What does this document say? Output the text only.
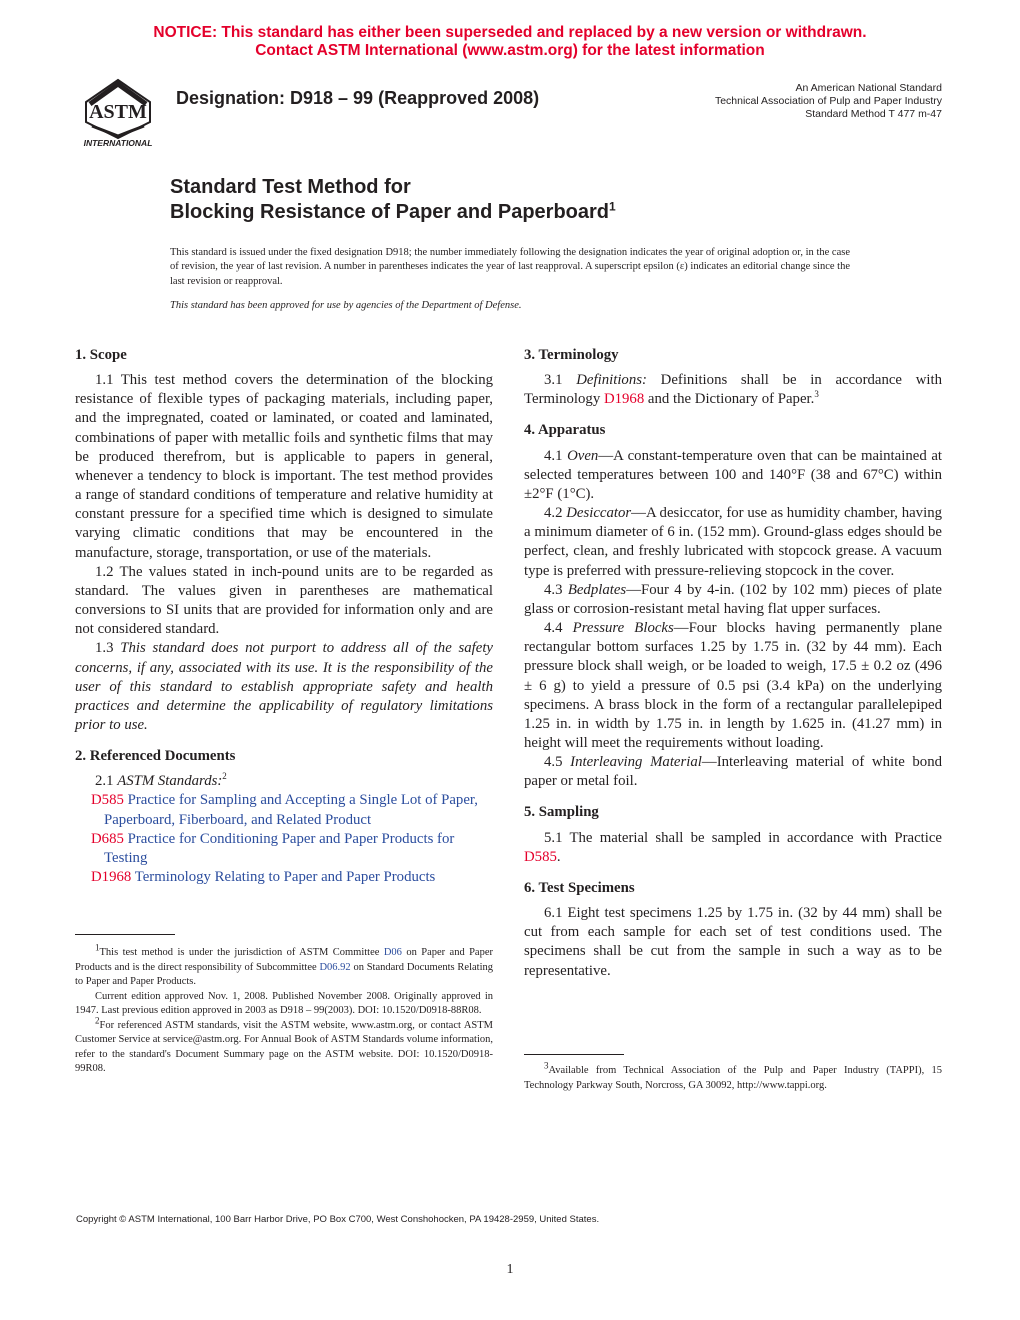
NOTICE: This standard has either been superseded and replaced by a new version or withdrawn.
Contact ASTM International (www.astm.org) for the latest information
ASTM
INTERNATIONAL
Designation: D918 – 99 (Reapproved 2008)	An American National Standard
Technical Association of Pulp and Paper Industry
Standard Method T 477 m-47
Standard Test Method for
Blocking Resistance of Paper and Paperboard$^1$
This standard is issued under the fixed designation D918; the number immediately following the designation indicates the year of original adoption or, in the case of revision, the year of last revision. A number in parentheses indicates the year of last reapproval. A superscript epsilon (ε) indicates an editorial change since the last revision or reapproval.
This standard has been approved for use by agencies of the Department of Defense.

1. Scope

1.1 This test method covers the determination of the blocking resistance of flexible types of packaging materials, including paper, and the impregnated, coated or laminated, or coated and laminated, combinations of paper with metallic foils and synthetic films that may be produced therefrom, but is applicable to papers in general, whenever a tendency to block is important. The test method provides a range of standard conditions of temperature and relative humidity at constant pressure for a specified time which is designed to simulate varying climatic conditions that may be encountered in the manufacture, storage, transportation, or use of the materials.

1.2 The values stated in inch-pound units are to be regarded as standard. The values given in parentheses are mathematical conversions to SI units that are provided for information only and are not considered standard.

1.3 This standard does not purport to address all of the safety concerns, if any, associated with its use. It is the responsibility of the user of this standard to establish appropriate safety and health practices and determine the applicability of regulatory limitations prior to use.

2. Referenced Documents

2.1 ASTM Standards:$^2$

D585 Practice for Sampling and Accepting a Single Lot of Paper, Paperboard, Fiberboard, and Related Product

D685 Practice for Conditioning Paper and Paper Products for Testing

D1968 Terminology Relating to Paper and Paper Products

$^1$This test method is under the jurisdiction of ASTM Committee D06 on Paper and Paper Products and is the direct responsibility of Subcommittee D06.92 on Standard Documents Relating to Paper and Paper Products.

Current edition approved Nov. 1, 2008. Published November 2008. Originally approved in 1947. Last previous edition approved in 2003 as D918 – 99(2003). DOI: 10.1520/D0918-88R08.

$^2$For referenced ASTM standards, visit the ASTM website, www.astm.org, or contact ASTM Customer Service at service@astm.org. For Annual Book of ASTM Standards volume information, refer to the standard's Document Summary page on the ASTM website. DOI: 10.1520/D0918-99R08.

3. Terminology

3.1 Definitions: Definitions shall be in accordance with Terminology D1968 and the Dictionary of Paper.$^3$

4. Apparatus

4.1 Oven—A constant-temperature oven that can be maintained at selected temperatures between 100 and 140°F (38 and 67°C) within ±2°F (1°C).

4.2 Desiccator—A desiccator, for use as humidity chamber, having a minimum diameter of 6 in. (152 mm). Ground-glass edges should be perfect, clean, and freshly lubricated with stopcock grease. A vacuum type is preferred with pressure-relieving stopcock in the cover.

4.3 Bedplates—Four 4 by 4-in. (102 by 102 mm) pieces of plate glass or corrosion-resistant metal having flat upper surfaces.

4.4 Pressure Blocks—Four blocks having permanently plane rectangular bottom surfaces 1.25 by 1.75 in. (32 by 44 mm). Each pressure block shall weigh, or be loaded to weigh, 17.5 ± 0.2 oz (496 ± 6 g) to yield a pressure of 0.5 psi (3.4 kPa) on the underlying specimens. A brass block in the form of a rectangular parallelepiped 1.25 in. in width by 1.75 in. in length by 1.625 in. (41.27 mm) in height will meet the requirements without loading.

4.5 Interleaving Material—Interleaving material of white bond paper or metal foil.

5. Sampling

5.1 The material shall be sampled in accordance with Practice D585.

6. Test Specimens

6.1 Eight test specimens 1.25 by 1.75 in. (32 by 44 mm) shall be cut from each sample for each set of test conditions used. The specimens shall be cut from the sample in such a way as to be representative.

$^3$Available from Technical Association of the Pulp and Paper Industry (TAPPI), 15 Technology Parkway South, Norcross, GA 30092, http://www.tappi.org.

Copyright © ASTM International, 100 Barr Harbor Drive, PO Box C700, West Conshohocken, PA 19428-2959, United States.
1
